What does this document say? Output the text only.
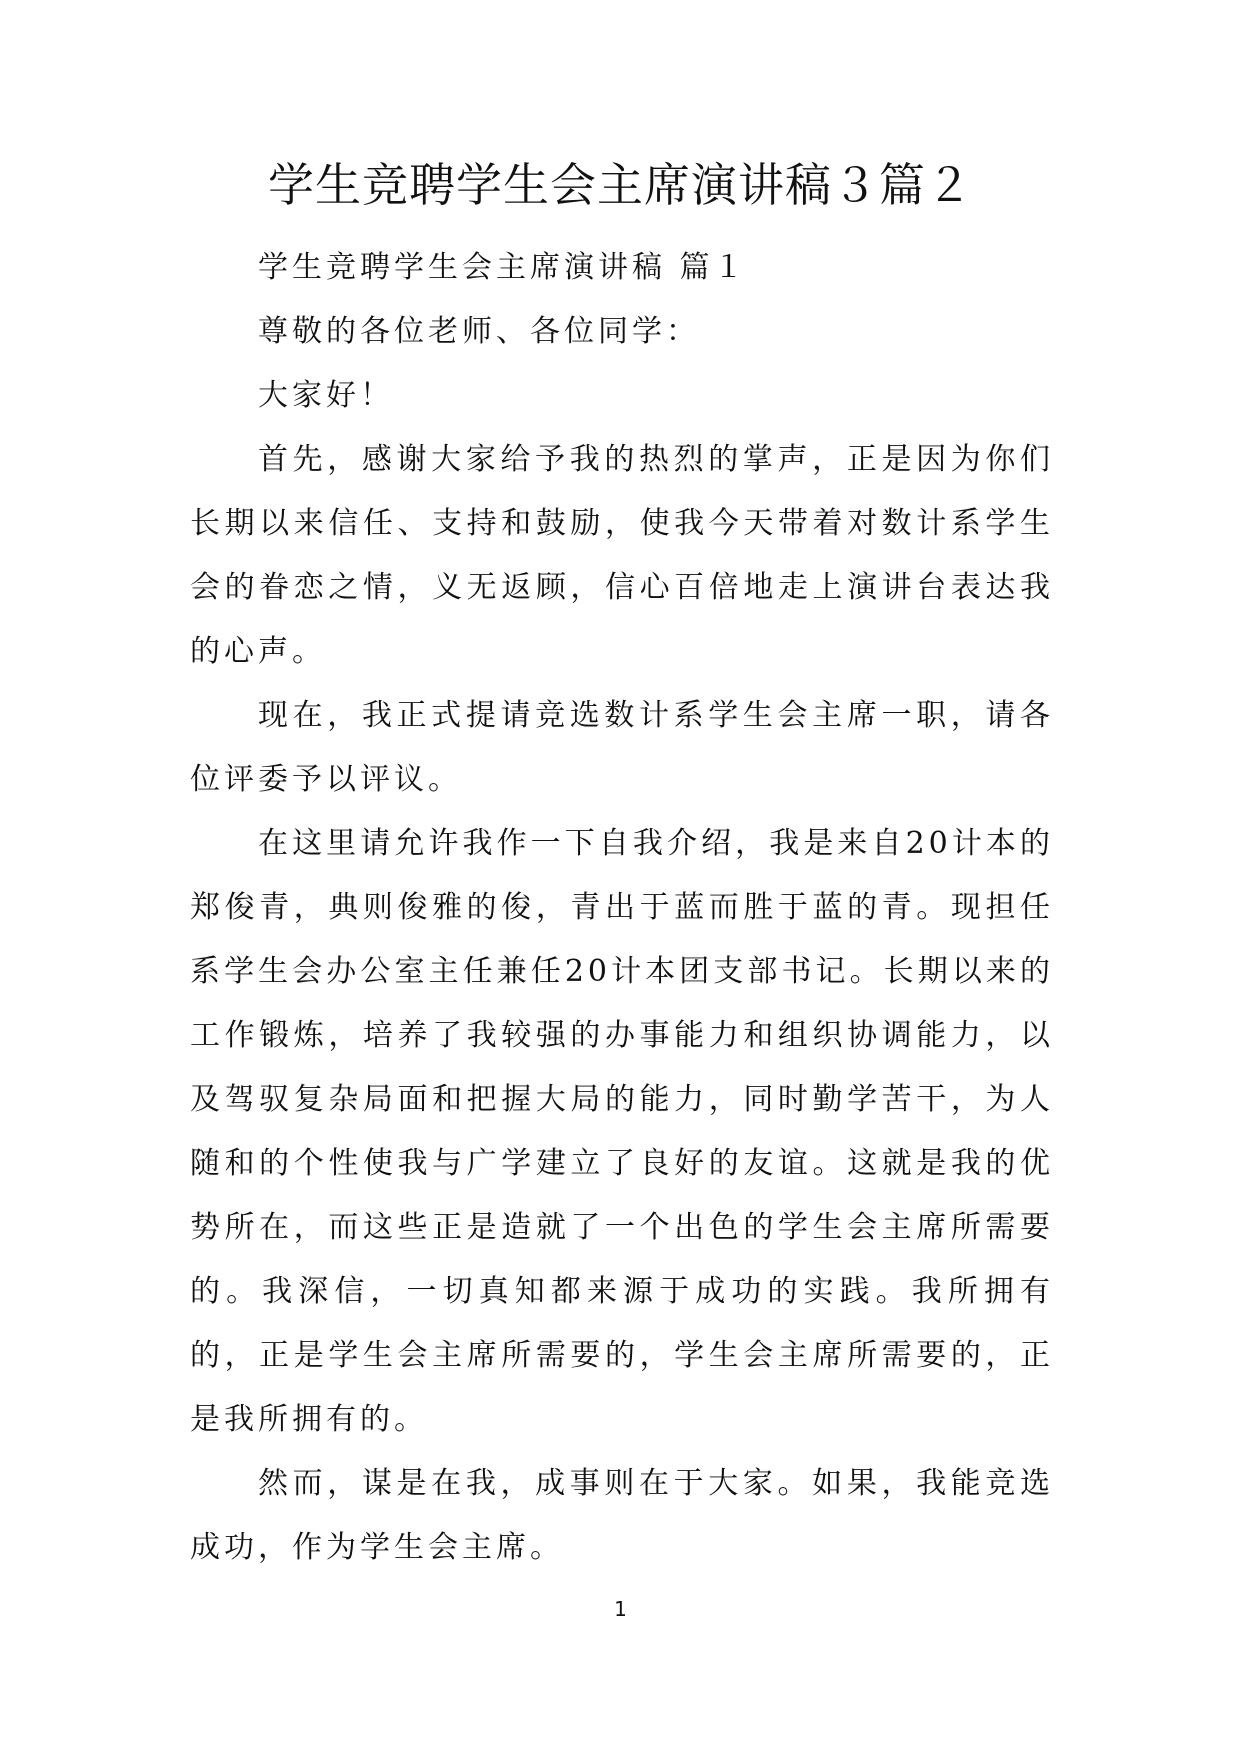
学生竞聘学生会主席演讲稿３篇２

学生竞聘学生会主席演讲稿 篇１

尊敬的各位老师、各位同学：

大家好！

首先，感谢大家给予我的热烈的掌声，正是因为你们长期以来信任、支持和鼓励，使我今天带着对数计系学生会的眷恋之情，义无返顾，信心百倍地走上演讲台表达我的心声。

现在，我正式提请竞选数计系学生会主席一职，请各位评委予以评议。

在这里请允许我作一下自我介绍，我是来自20计本的郑俊青，典则俊雅的俊，青出于蓝而胜于蓝的青。现担任系学生会办公室主任兼任20计本团支部书记。长期以来的工作锻炼，培养了我较强的办事能力和组织协调能力，以及驾驭复杂局面和把握大局的能力，同时勤学苦干，为人随和的个性使我与广学建立了良好的友谊。这就是我的优势所在，而这些正是造就了一个出色的学生会主席所需要的。我深信，一切真知都来源于成功的实践。我所拥有的，正是学生会主席所需要的，学生会主席所需要的，正是我所拥有的。

然而，谋是在我，成事则在于大家。如果，我能竞选成功，作为学生会主席。

1
